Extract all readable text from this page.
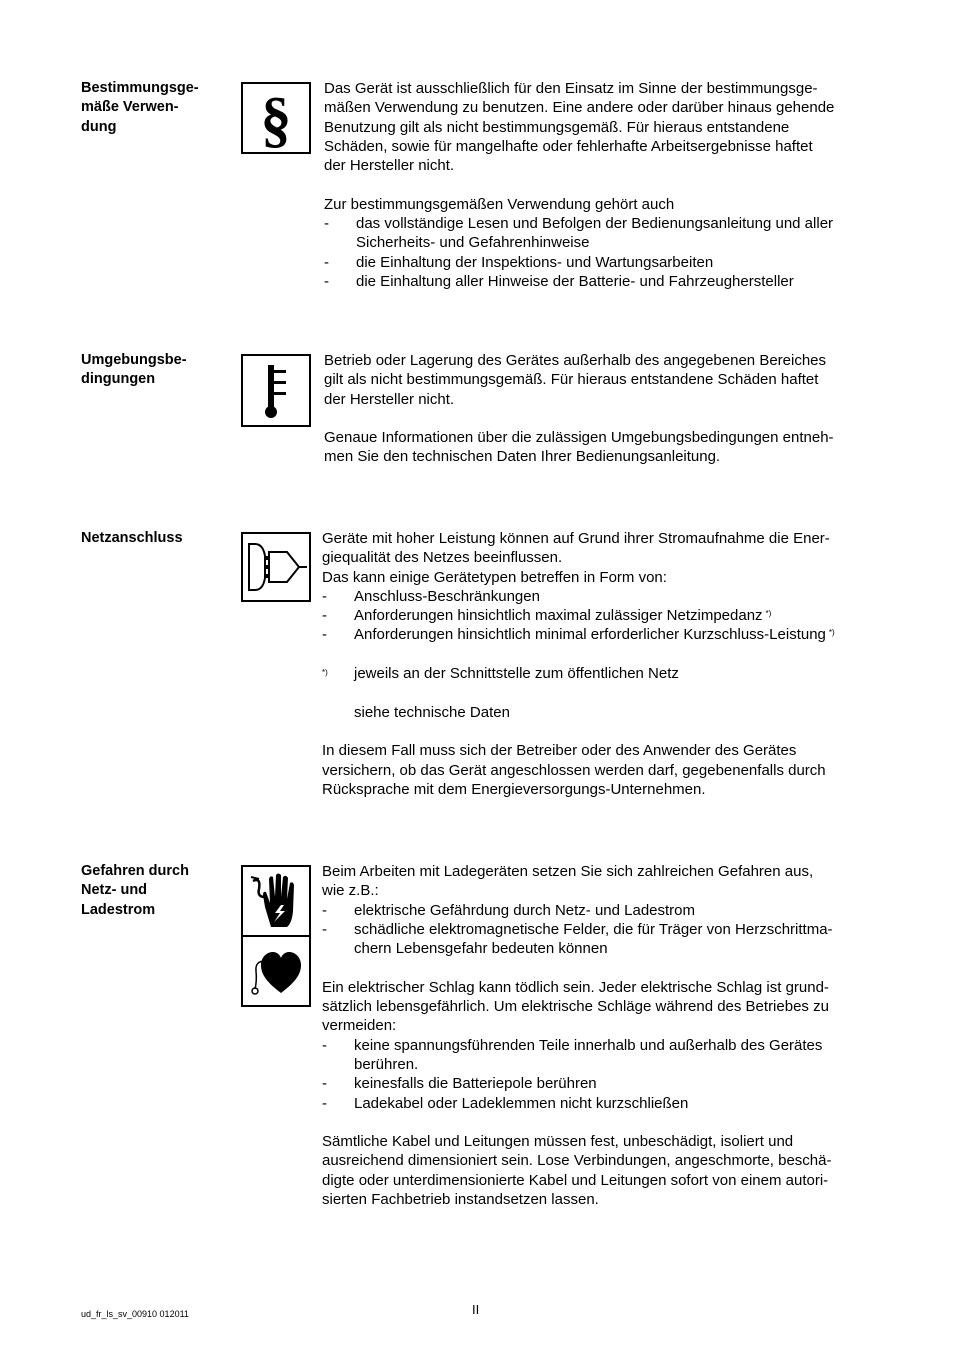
Bestimmungsge-
mäße Verwen-
dung	§ Das Gerät ist ausschließlich für den Einsatz im Sinne der bestimmungsge-
mäßen Verwendung zu benutzen. Eine andere oder darüber hinaus gehende
Benutzung gilt als nicht bestimmungsgemäß. Für hieraus entstandene
Schäden, sowie für mangelhafte oder fehlerhafte Arbeitsergebnisse haftet
der Hersteller nicht.
Zur bestimmungsgemäßen Verwendung gehört auch
- das vollständige Lesen und Befolgen der Bedienungsanleitung und aller
Sicherheits- und Gefahrenhinweise
- die Einhaltung der Inspektions- und Wartungsarbeiten
- die Einhaltung aller Hinweise der Batterie- und Fahrzeughersteller
Umgebungsbe-
dingungen
Betrieb oder Lagerung des Gerätes außerhalb des angegebenen Bereiches
gilt als nicht bestimmungsgemäß. Für hieraus entstandene Schäden haftet
der Hersteller nicht.
Genaue Informationen über die zulässigen Umgebungsbedingungen entneh-
men Sie den technischen Daten Ihrer Bedienungsanleitung.
Netzanschluss	Geräte mit hoher Leistung können auf Grund ihrer Stromaufnahme die Ener-
giequalität des Netzes beeinflussen.
Das kann einige Gerätetypen betreffen in Form von:
- Anschluss-Beschränkungen
- Anforderungen hinsichtlich maximal zulässiger Netzimpedanz *)
- Anforderungen hinsichtlich minimal erforderlicher Kurzschluss-Leistung *)
*) jeweils an der Schnittstelle zum öffentlichen Netz
siehe technische Daten
In diesem Fall muss sich der Betreiber oder des Anwender des Gerätes
versichern, ob das Gerät angeschlossen werden darf, gegebenenfalls durch
Rücksprache mit dem Energieversorgungs-Unternehmen.
Gefahren durch
Netz- und
Ladestrom
Beim Arbeiten mit Ladegeräten setzen Sie sich zahlreichen Gefahren aus,
wie z.B.:
- elektrische Gefährdung durch Netz- und Ladestrom
- schädliche elektromagnetische Felder, die für Träger von Herzschrittma-
chern Lebensgefahr bedeuten können
Ein elektrischer Schlag kann tödlich sein. Jeder elektrische Schlag ist grund-
sätzlich lebensgefährlich. Um elektrische Schläge während des Betriebes zu
vermeiden:
- keine spannungsführenden Teile innerhalb und außerhalb des Gerätes
berühren.
- keinesfalls die Batteriepole berühren
- Ladekabel oder Ladeklemmen nicht kurzschließen
Sämtliche Kabel und Leitungen müssen fest, unbeschädigt, isoliert und
ausreichend dimensioniert sein. Lose Verbindungen, angeschmorte, beschä-
digte oder unterdimensionierte Kabel und Leitungen sofort von einem autori-
sierten Fachbetrieb instandsetzen lassen.
II
ud_fr_ls_sv_00910 012011
